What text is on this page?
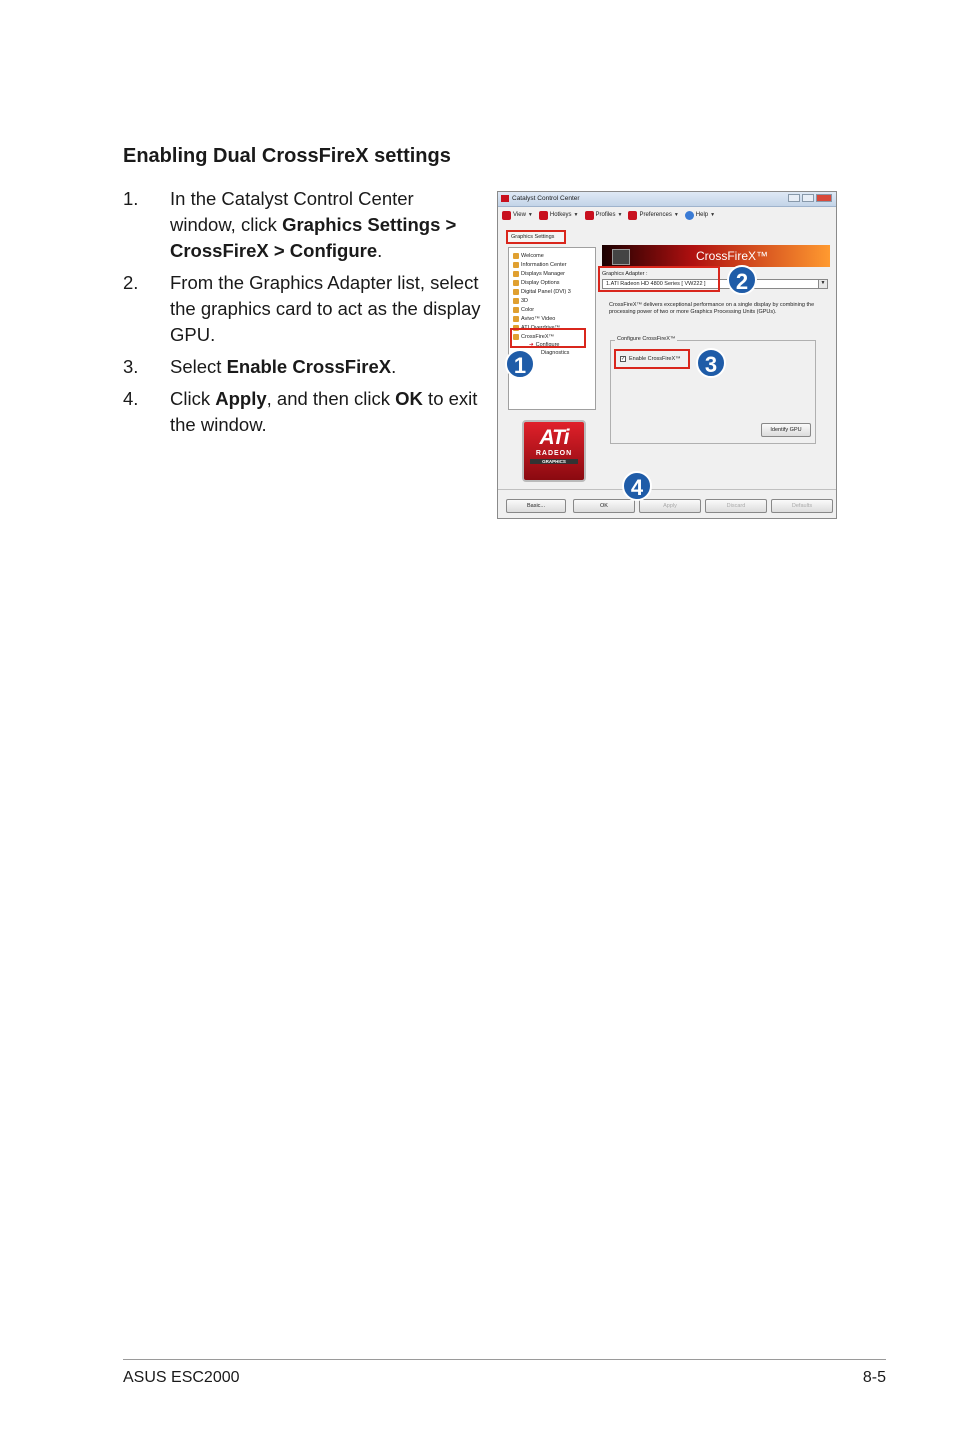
Enabling Dual CrossFireX settings
1.	In the Catalyst Control Center window, click Graphics Settings > CrossFireX > Configure.
2.	From the Graphics Adapter list, select the graphics card to act as the display GPU.
3.	Select Enable CrossFireX.
4.	Click Apply, and then click OK to exit the window.
Catalyst Control Center
View ▼	Hotkeys ▼	Profiles ▼	Preferences ▼	Help ▼
Graphics Settings
Welcome
Information Center
Displays Manager
Display Options
Digital Panel (DVI) 3
3D
Color
Avivo™ Video
ATI Overdrive™
CrossFireX™
➜ Configure
Diagnostics
ATi
RADEON
GRAPHICS
CrossFireX™
Graphics Adapter :
1.ATI Radeon HD 4800 Series [ VW222 ]	▼
CrossFireX™ delivers exceptional performance on a single display by combining the processing power of two or more Graphics Processing Units (GPUs).
Configure CrossFireX™
✓ Enable CrossFireX™
Identify GPU
Basic...	OK	Apply	Discard	Defaults
1
2
3
4
ASUS ESC2000	8-5
